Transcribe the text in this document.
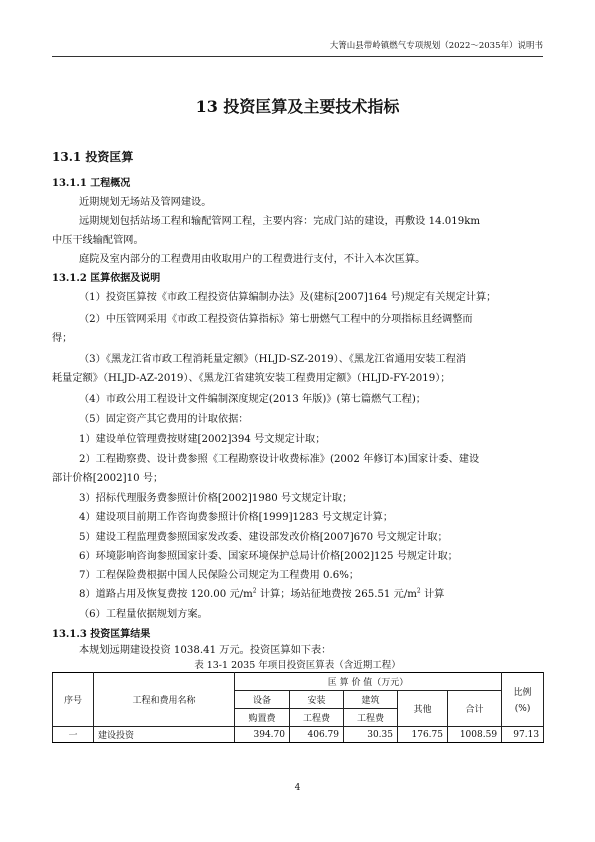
大箐山县带岭镇燃气专项规划（2022～2035年）说明书
13 投资匡算及主要技术指标
13.1 投资匡算
13.1.1 工程概况
近期规划无场站及管网建设。
远期规划包括站场工程和输配管网工程，主要内容：完成门站的建设，再敷设 14.019km
中压干线输配管网。
庭院及室内部分的工程费用由收取用户的工程费进行支付，不计入本次匡算。
13.1.2 匡算依据及说明
（1）投资匡算按《市政工程投资估算编制办法》及(建标[2007]164 号)规定有关规定计算；
（2）中压管网采用《市政工程投资估算指标》第七册燃气工程中的分项指标且经调整而
得；
（3）《黑龙江省市政工程消耗量定额》（HLJD-SZ-2019）、《黑龙江省通用安装工程消
耗量定额》（HLJD-AZ-2019）、《黑龙江省建筑安装工程费用定额》（HLJD-FY-2019）；
（4）市政公用工程设计文件编制深度规定(2013 年版)》(第七篇燃气工程)；
（5）固定资产其它费用的计取依据：
1）建设单位管理费按财建[2002]394 号文规定计取；
2）工程勘察费、设计费参照《工程勘察设计收费标准》(2002 年修订本)国家计委、建设
部计价格[2002]10 号；
3）招标代理服务费参照计价格[2002]1980 号文规定计取；
4）建设项目前期工作咨询费参照计价格[1999]1283 号文规定计算；
5）建设工程监理费参照国家发改委、建设部发改价格[2007]670 号文规定计取；
6）环境影响咨询参照国家计委、国家环境保护总局计价格[2002]125 号规定计取；
7）工程保险费根据中国人民保险公司规定为工程费用 0.6%；
8）道路占用及恢复费按 120.00 元$/m^2$ 计算；场站征地费按 265.51 元$/m^2$ 计算
（6）工程量依据规划方案。
13.1.3 投资匡算结果
本规划远期建设投资 1038.41 万元。投资匡算如下表：
表 13-1 2035 年项目投资匡算表（含近期工程）
序号	工程和费用名称	匡 算 价 值（万元）					比例
(%)

		设备	安装	建筑	其他	合计	
		购置费	工程费	工程费			
一	建设投资	394.70	406.79	30.35	176.75	1008.59	97.13
4
